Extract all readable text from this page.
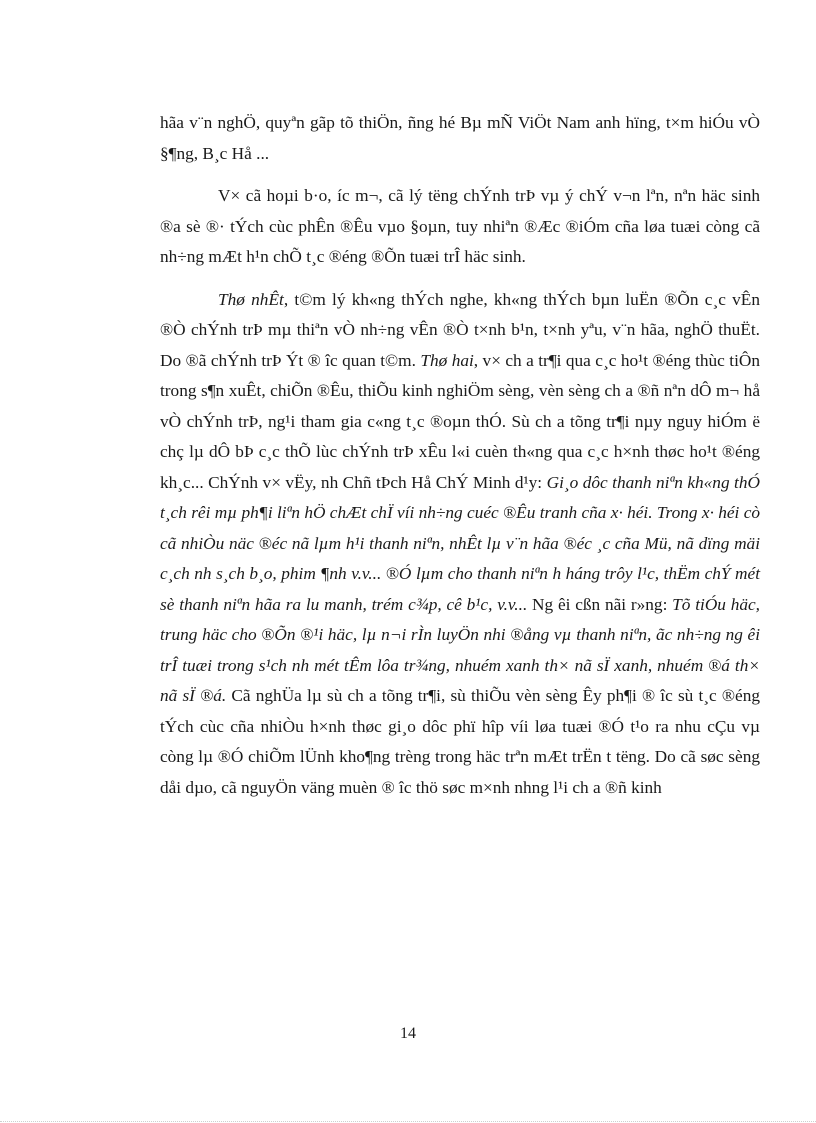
hãa v¨n nghÖ, quyªn gãp tõ thiÖn, ñng hé Bµ mÑ ViÖt Nam anh hïng, t×m hiÓu vÒ §¶ng, B¸c Hå ...

V× cã hoµi b·o, íc m¬, cã lý tëng chÝnh trÞ vµ ý chÝ v¬n lªn, nªn häc sinh ®a sè ®· tÝch cùc phÊn ®Êu vµo §oµn, tuy nhiªn ®Æc ®iÓm cña løa tuæi còng cã nh÷ng mÆt h¹n chÕ t¸c ®éng ®Õn tuæi trÎ häc sinh.

Thø nhÊt, t©m lý kh«ng thÝch nghe, kh«ng thÝch bµn luËn ®Õn c¸c vÊn ®Ò chÝnh trÞ mµ thiªn vÒ nh÷ng vÊn ®Ò t×nh b¹n, t×nh yªu, v¨n hãa, nghÖ thuËt. Do ®ã chÝnh trÞ Ýt ® îc quan t©m. Thø hai, v× ch a tr¶i qua c¸c ho¹t ®éng thùc tiÔn trong s¶n xuÊt, chiÕn ®Êu, thiÕu kinh nghiÖm sèng, vèn sèng ch a ®ñ nªn dÔ m¬ hå vÒ chÝnh trÞ, ng¹i tham gia c«ng t¸c ®oµn thÓ. Sù ch a tõng tr¶i nµy nguy hiÓm ë chç lµ dÔ bÞ c¸c thÕ lùc chÝnh trÞ xÊu l«i cuèn th«ng qua c¸c h×nh thøc ho¹t ®éng kh¸c... ChÝnh v× vËy, nh Chñ tÞch Hå ChÝ Minh d¹y: Gi¸o dôc thanh niªn kh«ng thÓ t¸ch rêi mµ ph¶i liªn hÖ chÆt chÏ víi nh÷ng cuéc ®Êu tranh cña x· héi. Trong x· héi cò cã nhiÒu näc ®éc nã lµm h¹i thanh niªn, nhÊt lµ v¨n hãa ®éc ¸c cña Mü, nã dïng mäi c¸ch nh s¸ch b¸o, phim ¶nh v.v... ®Ó lµm cho thanh niªn h háng trôy l¹c, thËm chÝ mét sè thanh niªn hãa ra lu manh, trém c¾p, cê b¹c, v.v... Ng êi cßn nãi r»ng: Tõ tiÓu häc, trung häc cho ®Õn ®¹i häc, lµ n¬i rÌn luyÖn nhi ®ång vµ thanh niªn, ãc nh÷ng ng êi trÎ tuæi trong s¹ch nh mét tÊm lôa tr¾ng, nhuém xanh th× nã sÏ xanh, nhuém ®á th× nã sÏ ®á. Cã nghÜa lµ sù ch a tõng tr¶i, sù thiÕu vèn sèng Êy ph¶i ® îc sù t¸c ®éng tÝch cùc cña nhiÒu h×nh thøc gi¸o dôc phï hîp víi løa tuæi ®Ó t¹o ra nhu cÇu vµ còng lµ ®Ó chiÕm lÜnh kho¶ng trèng trong häc trªn mÆt trËn t tëng. Do cã søc sèng dåi dµo, cã nguyÖn väng muèn ® îc thö søc m×nh nhng l¹i ch a ®ñ kinh

14
